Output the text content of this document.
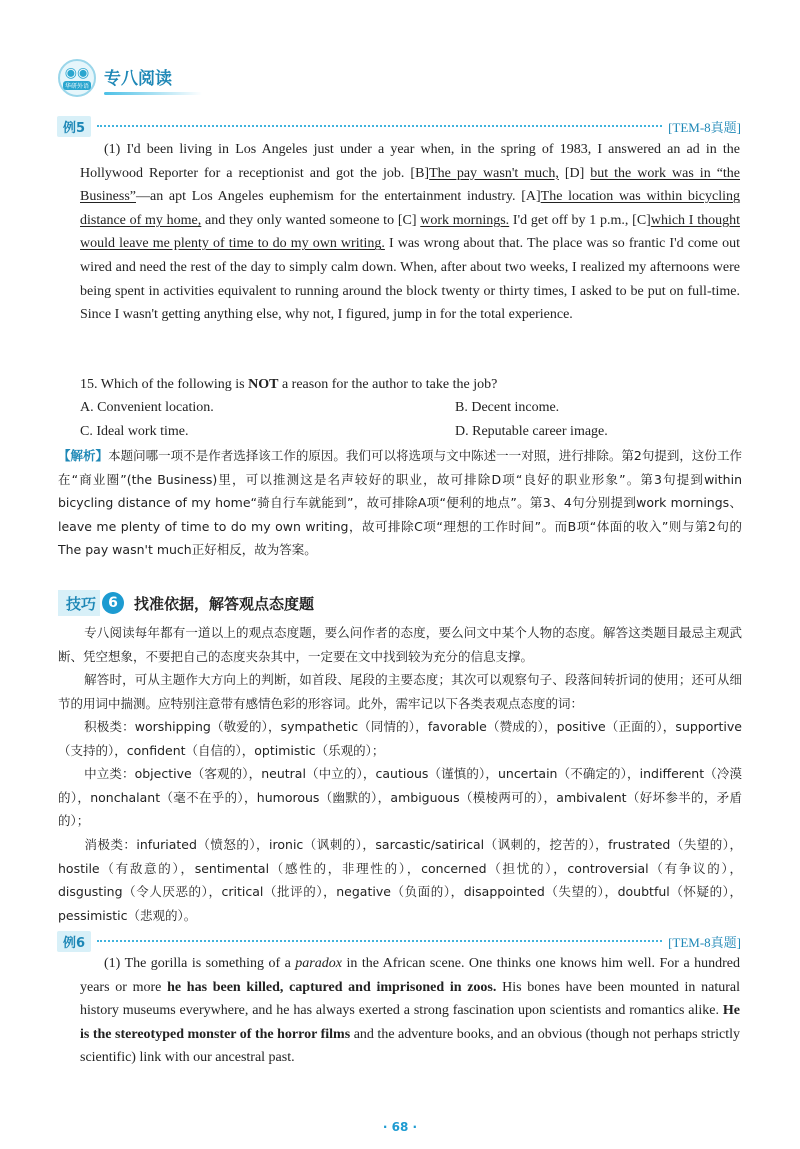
◉◉
华研外语 专八阅读
例5	[TEM-8真题]
(1) I'd been living in Los Angeles just under a year when, in the spring of 1983, I answered an ad in the Hollywood Reporter for a receptionist and got the job. [B]The pay wasn't much, [D] but the work was in “the Business”—an apt Los Angeles euphemism for the entertainment industry. [A]The location was within bicycling distance of my home, and they only wanted someone to [C] work mornings. I'd get off by 1 p.m., [C]which I thought would leave me plenty of time to do my own writing. I was wrong about that. The place was so frantic I'd come out wired and need the rest of the day to simply calm down. When, after about two weeks, I realized my afternoons were being spent in activities equivalent to running around the block twenty or thirty times, I asked to be put on full-time. Since I wasn't getting anything else, why not, I figured, jump in for the total experience.
15. Which of the following is NOT a reason for the author to take the job?
A. Convenient location.	B. Decent income.
C. Ideal work time.	D. Reputable career image.
【解析】本题问哪一项不是作者选择该工作的原因。我们可以将选项与文中陈述一一对照，进行排除。第2句提到，这份工作在“商业圈”(the Business)里，可以推测这是名声较好的职业，故可排除D项“良好的职业形象”。第3句提到within bicycling distance of my home“骑自行车就能到”，故可排除A项“便利的地点”。第3、4句分别提到work mornings、leave me plenty of time to do my own writing，故可排除C项“理想的工作时间”。而B项“体面的收入”则与第2句的The pay wasn't much正好相反，故为答案。
技巧 6	找准依据，解答观点态度题
专八阅读每年都有一道以上的观点态度题，要么问作者的态度，要么问文中某个人物的态度。解答这类题目最忌主观武断、凭空想象，不要把自己的态度夹杂其中，一定要在文中找到较为充分的信息支撑。
解答时，可从主题作大方向上的判断，如首段、尾段的主要态度；其次可以观察句子、段落间转折词的使用；还可从细节的用词中揣测。应特别注意带有感情色彩的形容词。此外，需牢记以下各类表观点态度的词：
积极类：worshipping（敬爱的），sympathetic（同情的），favorable（赞成的），positive（正面的），supportive（支持的），confident（自信的），optimistic（乐观的）；
中立类：objective（客观的），neutral（中立的），cautious（谨慎的），uncertain（不确定的），indifferent（冷漠的），nonchalant（毫不在乎的），humorous（幽默的），ambiguous（模棱两可的），ambivalent（好坏参半的，矛盾的）；
消极类：infuriated（愤怒的），ironic（讽刺的），sarcastic/satirical（讽刺的，挖苦的），frustrated（失望的），hostile（有敌意的），sentimental（感性的，非理性的），concerned（担忧的），controversial（有争议的），disgusting（令人厌恶的），critical（批评的），negative（负面的），disappointed（失望的），doubtful（怀疑的），pessimistic（悲观的）。
例6	[TEM-8真题]
(1) The gorilla is something of a paradox in the African scene. One thinks one knows him well. For a hundred years or more he has been killed, captured and imprisoned in zoos. His bones have been mounted in natural history museums everywhere, and he has always exerted a strong fascination upon scientists and romantics alike. He is the stereotyped monster of the horror films and the adventure books, and an obvious (though not perhaps strictly scientific) link with our ancestral past.
· 68 ·
